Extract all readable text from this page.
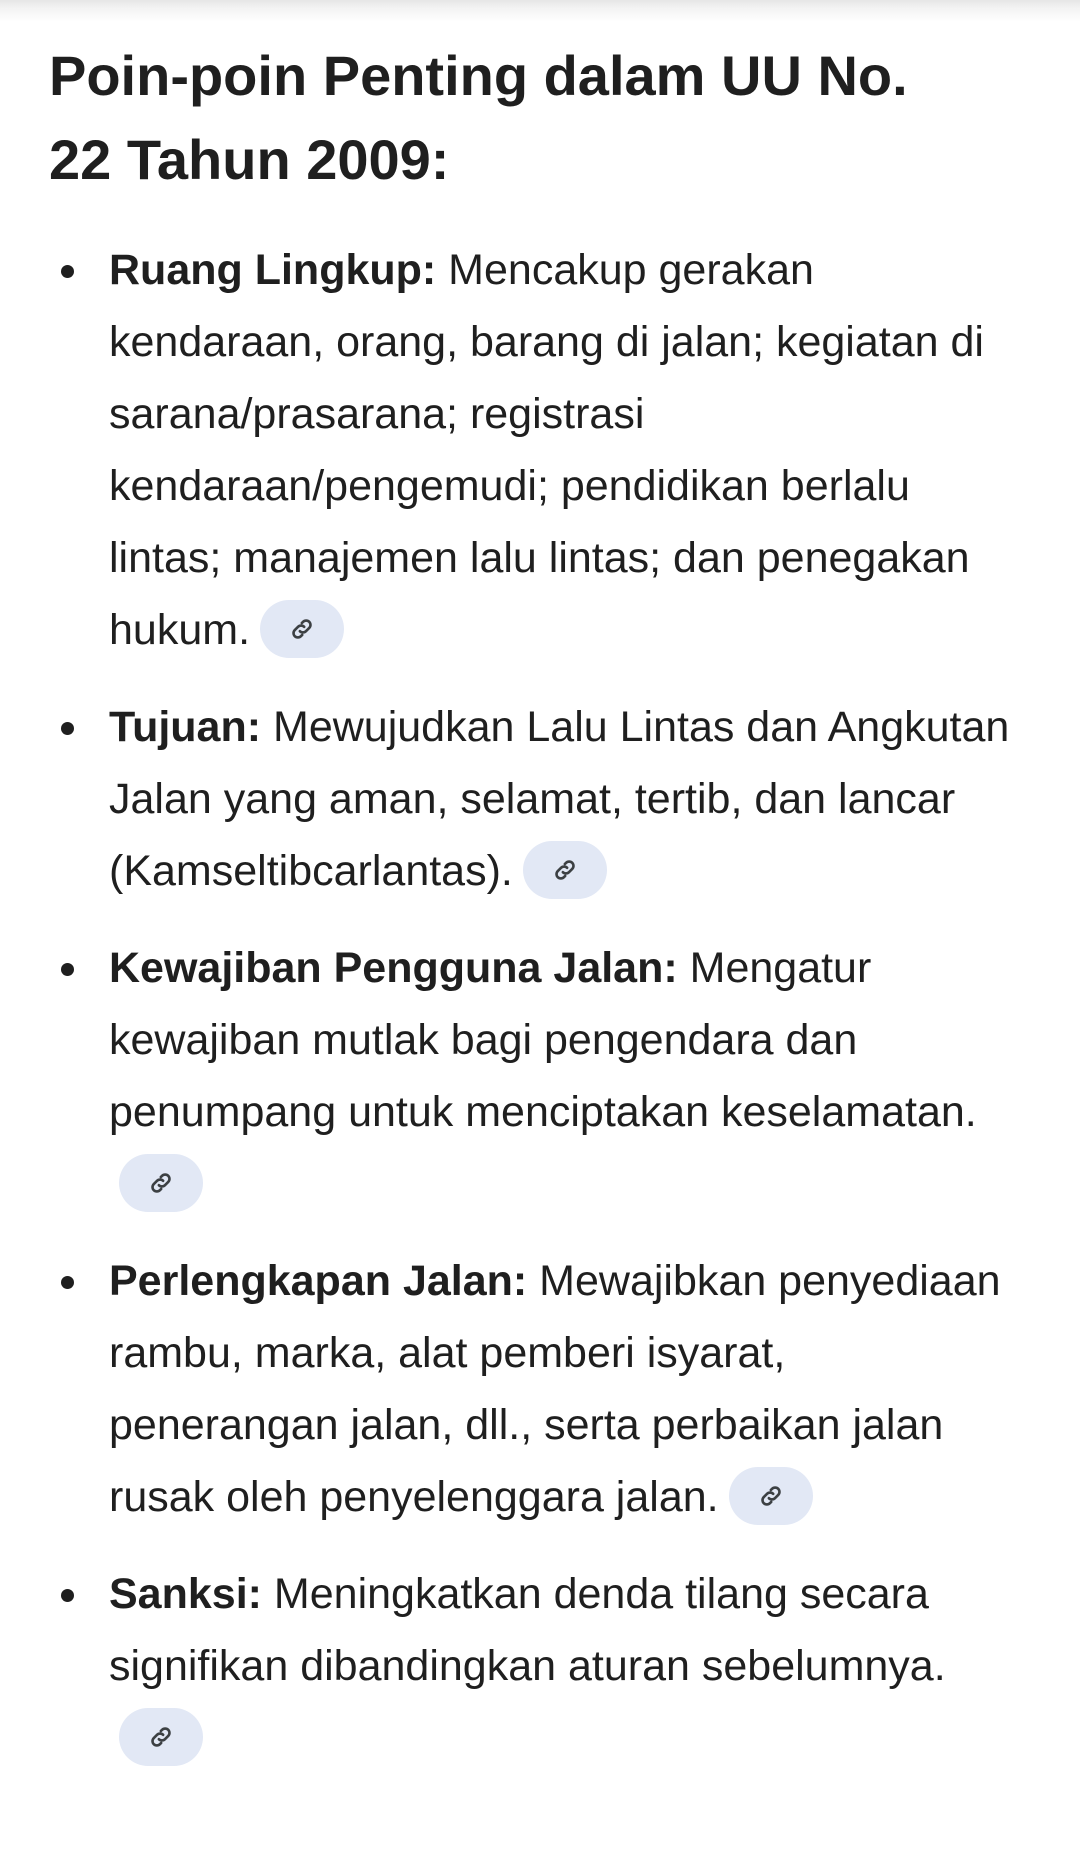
Poin-poin Penting dalam UU No. 22 Tahun 2009:
Ruang Lingkup: Mencakup gerakan kendaraan, orang, barang di jalan; kegiatan di sarana/prasarana; registrasi kendaraan/pengemudi; pendidikan berlalu lintas; manajemen lalu lintas; dan penegakan hukum.
Tujuan: Mewujudkan Lalu Lintas dan Angkutan Jalan yang aman, selamat, tertib, dan lancar (Kamseltibcarlantas).
Kewajiban Pengguna Jalan: Mengatur kewajiban mutlak bagi pengendara dan penumpang untuk menciptakan keselamatan.
Perlengkapan Jalan: Mewajibkan penyediaan rambu, marka, alat pemberi isyarat, penerangan jalan, dll., serta perbaikan jalan rusak oleh penyelenggara jalan.
Sanksi: Meningkatkan denda tilang secara signifikan dibandingkan aturan sebelumnya.
